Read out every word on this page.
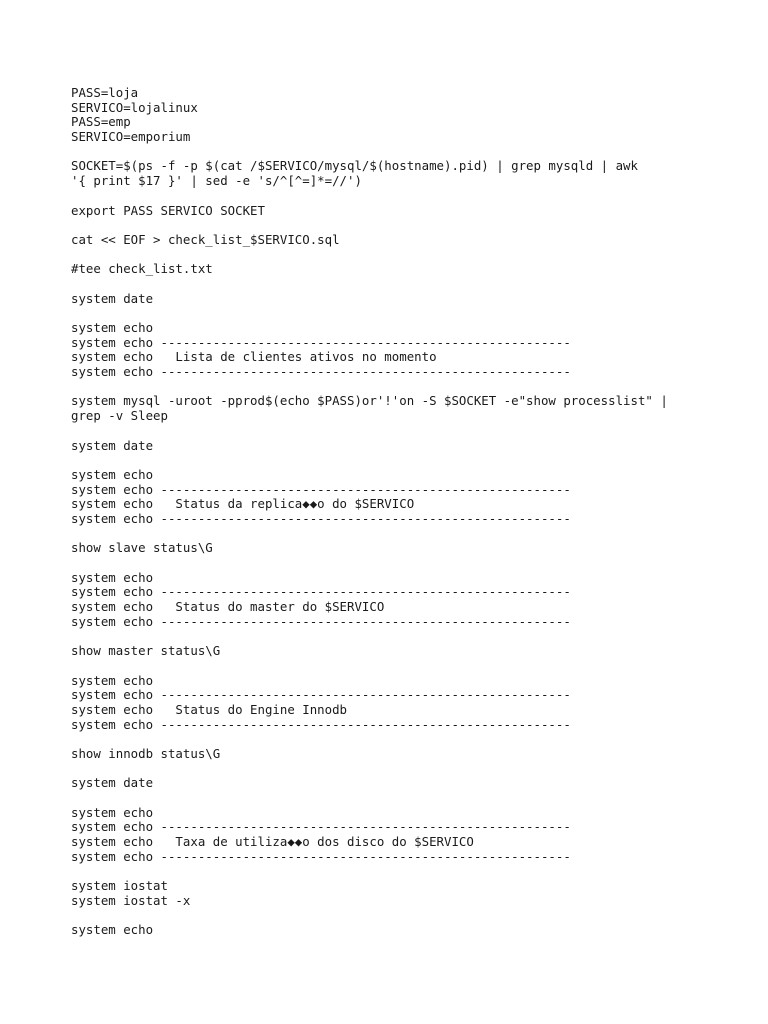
PASS=loja
SERVICO=lojalinux
PASS=emp
SERVICO=emporium
SOCKET=$(ps -f -p $(cat /$SERVICO/mysql/$(hostname).pid) | grep mysqld | awk
'{ print $17 }' | sed -e 's/^[^=]*=//')
export PASS SERVICO SOCKET
cat << EOF > check_list_$SERVICO.sql
#tee check_list.txt
system date
system echo
system echo -------------------------------------------------------
system echo   Lista de clientes ativos no momento
system echo -------------------------------------------------------
system mysql -uroot -pprod$(echo $PASS)or'!'on -S $SOCKET -e"show processlist" |
grep -v Sleep
system date
system echo
system echo -------------------------------------------------------
system echo   Status da replica◆◆o do $SERVICO
system echo -------------------------------------------------------
show slave status\G
system echo
system echo -------------------------------------------------------
system echo   Status do master do $SERVICO
system echo -------------------------------------------------------
show master status\G
system echo
system echo -------------------------------------------------------
system echo   Status do Engine Innodb
system echo -------------------------------------------------------
show innodb status\G
system date
system echo
system echo -------------------------------------------------------
system echo   Taxa de utiliza◆◆o dos disco do $SERVICO
system echo -------------------------------------------------------
system iostat
system iostat -x
system echo
